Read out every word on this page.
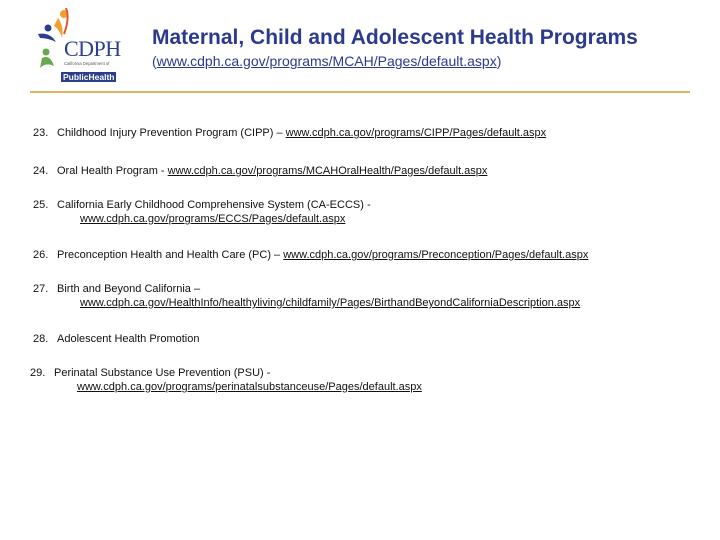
CDPH
California Department of
PublicHealth
Maternal, Child and Adolescent Health Programs
(www.cdph.ca.gov/programs/MCAH/Pages/default.aspx)
23. Childhood Injury Prevention Program (CIPP) – www.cdph.ca.gov/programs/CIPP/Pages/default.aspx
24. Oral Health Program - www.cdph.ca.gov/programs/MCAHOralHealth/Pages/default.aspx
25. California Early Childhood Comprehensive System (CA-ECCS) -
www.cdph.ca.gov/programs/ECCS/Pages/default.aspx
26. Preconception Health and Health Care (PC) – www.cdph.ca.gov/programs/Preconception/Pages/default.aspx
27. Birth and Beyond California –
www.cdph.ca.gov/HealthInfo/healthyliving/childfamily/Pages/BirthandBeyondCaliforniaDescription.aspx
28. Adolescent Health Promotion
29. Perinatal Substance Use Prevention (PSU) -
www.cdph.ca.gov/programs/perinatalsubstanceuse/Pages/default.aspx
